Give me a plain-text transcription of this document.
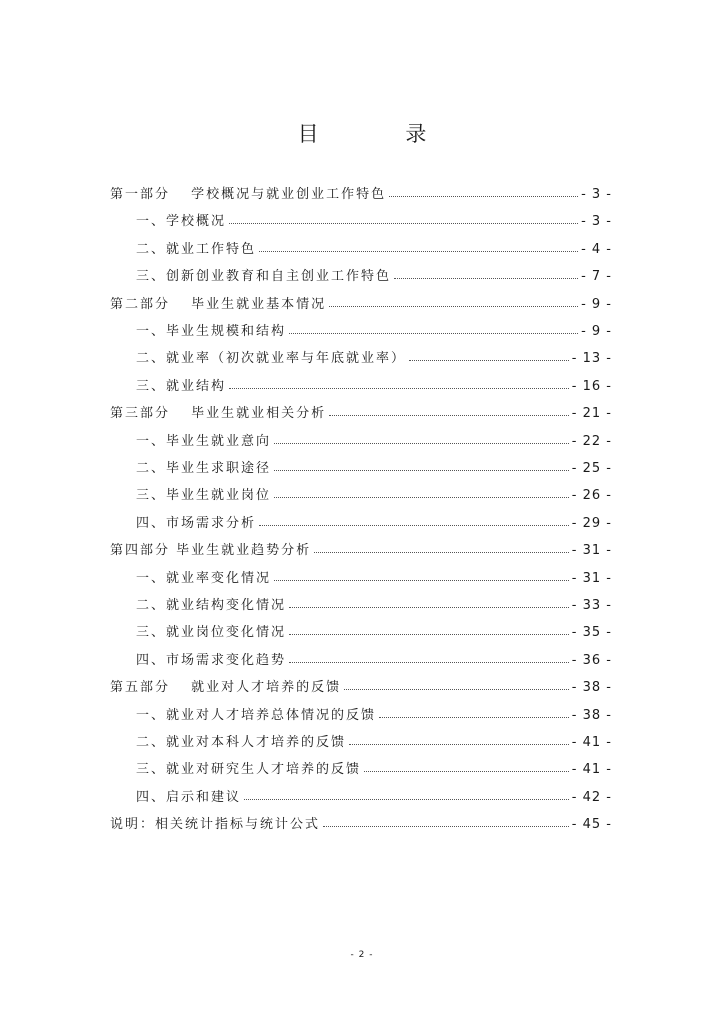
目 录
第一部分　 学校概况与就业创业工作特色	- 3 -
一、学校概况	- 3 -
二、就业工作特色	- 4 -
三、创新创业教育和自主创业工作特色	- 7 -
第二部分　 毕业生就业基本情况	- 9 -
一、毕业生规模和结构	- 9 -
二、就业率（初次就业率与年底就业率）	- 13 -
三、就业结构	- 16 -
第三部分　 毕业生就业相关分析	- 21 -
一、毕业生就业意向	- 22 -
二、毕业生求职途径	- 25 -
三、毕业生就业岗位	- 26 -
四、市场需求分析	- 29 -
第四部分 毕业生就业趋势分析	- 31 -
一、就业率变化情况	- 31 -
二、就业结构变化情况	- 33 -
三、就业岗位变化情况	- 35 -
四、市场需求变化趋势	- 36 -
第五部分　 就业对人才培养的反馈	- 38 -
一、就业对人才培养总体情况的反馈	- 38 -
二、就业对本科人才培养的反馈	- 41 -
三、就业对研究生人才培养的反馈	- 41 -
四、启示和建议	- 42 -
说明：相关统计指标与统计公式	- 45 -
- 2 -
